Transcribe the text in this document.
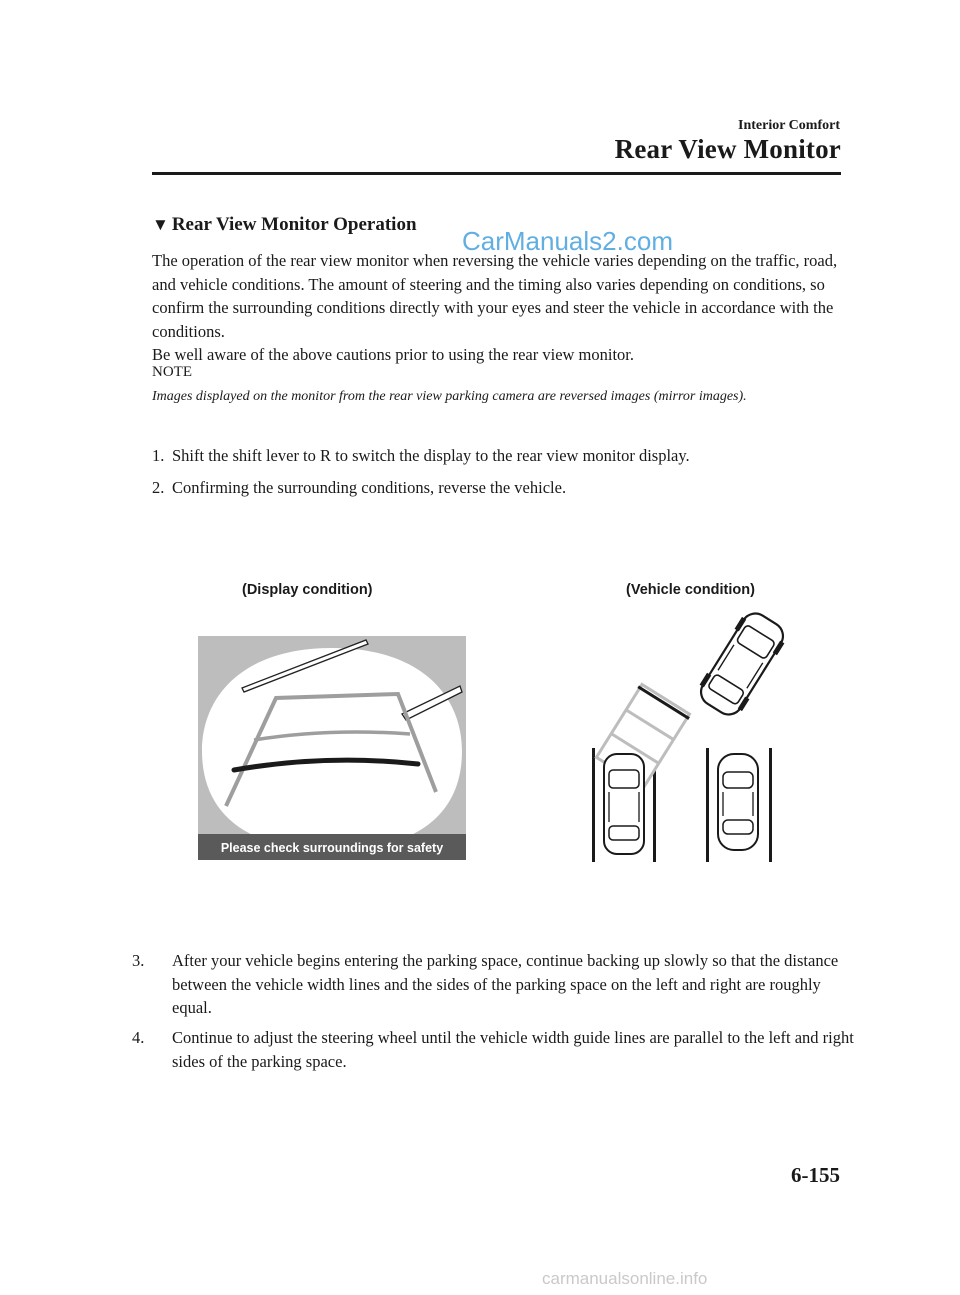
Interior Comfort
Rear View Monitor
▼ Rear View Monitor Operation
CarManuals2.com

The operation of the rear view monitor when reversing the vehicle varies depending on the traffic, road, and vehicle conditions. The amount of steering and the timing also varies depending on conditions, so confirm the surrounding conditions directly with your eyes and steer the vehicle in accordance with the conditions.

Be well aware of the above cautions prior to using the rear view monitor.

NOTE
Images displayed on the monitor from the rear view parking camera are reversed images (mirror images).
1. Shift the shift lever to R to switch the display to the rear view monitor display.
2. Confirming the surrounding conditions, reverse the vehicle.
(Display condition)	(Vehicle condition)
Please check surroundings for safety
3. After your vehicle begins entering the parking space, continue backing up slowly so that the distance between the vehicle width lines and the sides of the parking space on the left and right are roughly equal.
4. Continue to adjust the steering wheel until the vehicle width guide lines are parallel to the left and right sides of the parking space.
6-155
carmanualsonline.info
